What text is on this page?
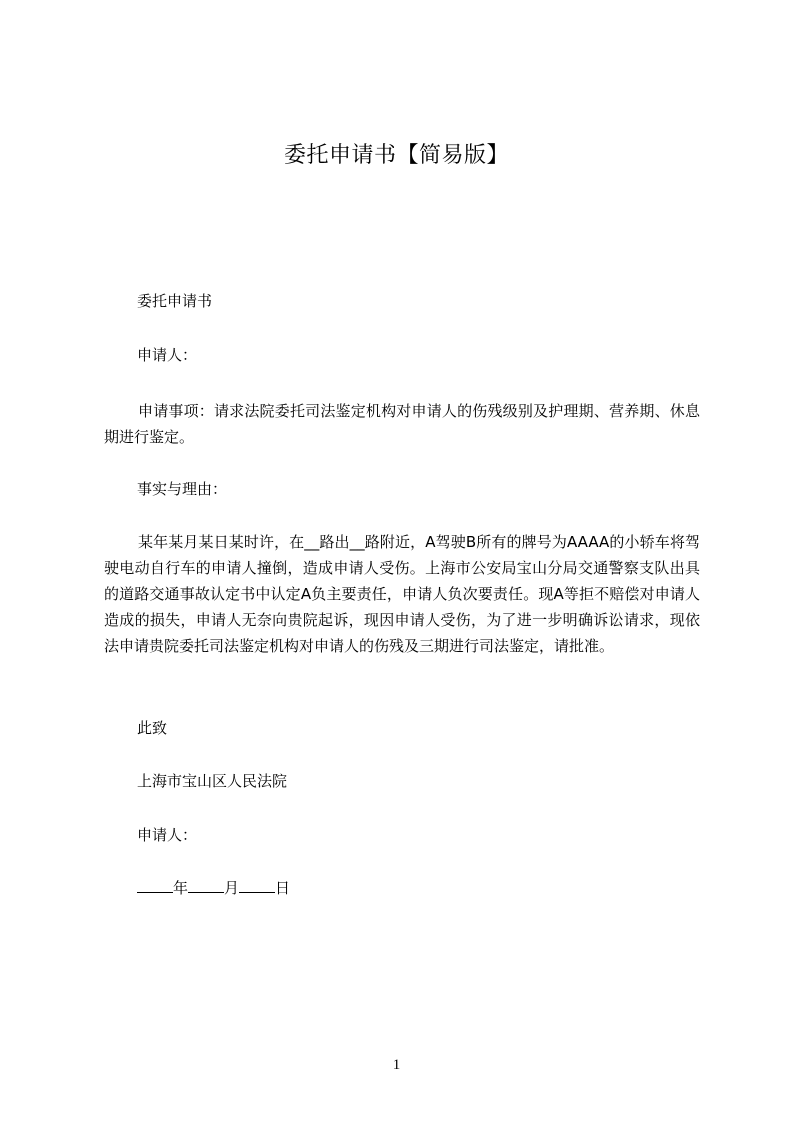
委托申请书【简易版】
委托申请书
申请人：
申请事项：请求法院委托司法鉴定机构对申请人的伤残级别及护理期、营养期、休息期进行鉴定。
事实与理由：
某年某月某日某时许，在__路出__路附近，A驾驶B所有的牌号为AAAA的小轿车将驾驶电动自行车的申请人撞倒，造成申请人受伤。上海市公安局宝山分局交通警察支队出具的道路交通事故认定书中认定A负主要责任，申请人负次要责任。现A等拒不赔偿对申请人造成的损失，申请人无奈向贵院起诉，现因申请人受伤，为了进一步明确诉讼请求，现依法申请贵院委托司法鉴定机构对申请人的伤残及三期进行司法鉴定，请批准。
此致
上海市宝山区人民法院
申请人：
年 月 日
1
